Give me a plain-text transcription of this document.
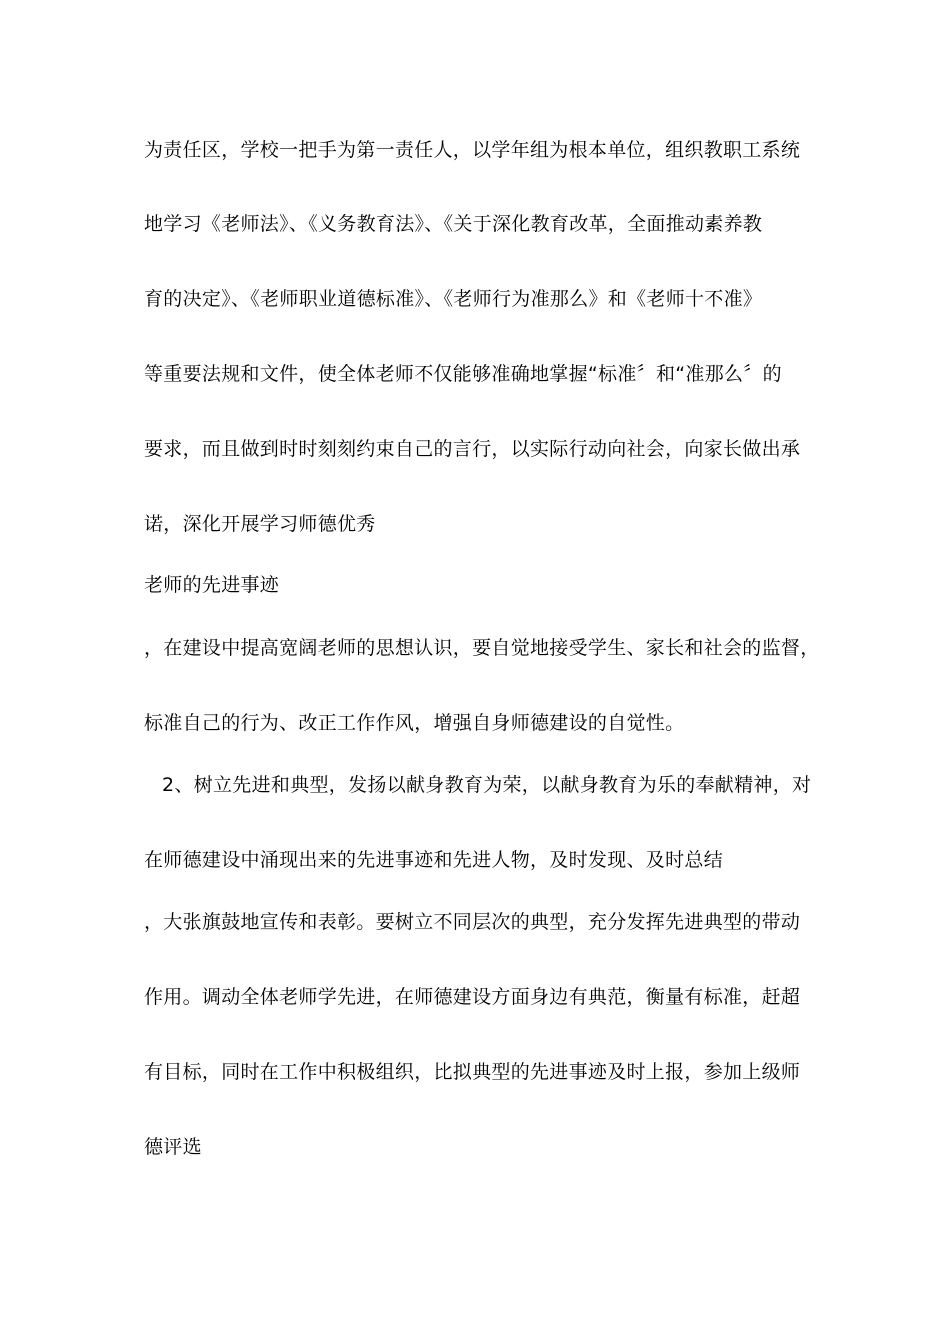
为责任区，学校一把手为第一责任人，以学年组为根本单位，组织教职工系统
地学习《老师法》、《义务教育法》、《关于深化教育改革，全面推动素养教
育的决定》、《老师职业道德标准》、《老师行为准那么》和《老师十不准》
等重要法规和文件，使全体老师不仅能够准确地掌握“标准〞和“准那么〞的
要求，而且做到时时刻刻约束自己的言行，以实际行动向社会，向家长做出承
诺，深化开展学习师德优秀
老师的先进事迹
，在建设中提高宽阔老师的思想认识，要自觉地接受学生、家长和社会的监督，
标准自己的行为、改正工作作风，增强自身师德建设的自觉性。
2、树立先进和典型，发扬以献身教育为荣，以献身教育为乐的奉献精神，对
在师德建设中涌现出来的先进事迹和先进人物，及时发现、及时总结
，大张旗鼓地宣传和表彰。要树立不同层次的典型，充分发挥先进典型的带动
作用。调动全体老师学先进，在师德建设方面身边有典范，衡量有标准，赶超
有目标，同时在工作中积极组织，比拟典型的先进事迹及时上报，参加上级师
德评选
